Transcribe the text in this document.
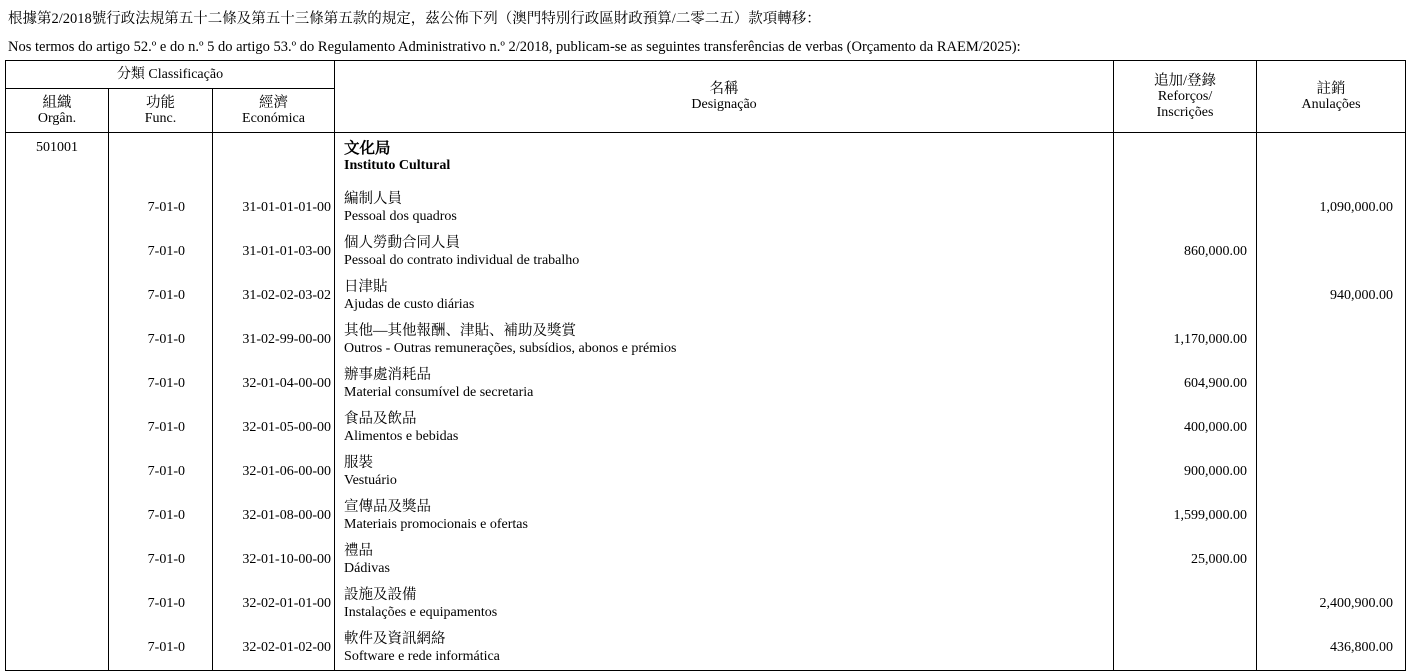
根據第2/2018號行政法規第五十二條及第五十三條第五款的規定，茲公佈下列（澳門特別行政區財政預算/二零二五）款項轉移：
Nos termos do artigo 52.º e do n.º 5 do artigo 53.º do Regulamento Administrativo n.º 2/2018, publicam-se as seguintes transferências de verbas (Orçamento da RAEM/2025):
分類 Classificação			名稱
Designação	追加/登錄
Reforços/
Inscrições	註銷
Anulações

組織
Orgân.	功能
Func.	經濟
Económica			

501001			文化局
Instituto Cultural		

	7-01-0	31-01-01-01-00	編制人員
Pessoal dos quadros		1,090,000.00
	7-01-0	31-01-01-03-00	個人勞動合同人員
Pessoal do contrato individual de trabalho	860,000.00	
	7-01-0	31-02-02-03-02	日津貼
Ajudas de custo diárias		940,000.00
	7-01-0	31-02-99-00-00	其他—其他報酬、津貼、補助及獎賞
Outros - Outras remunerações, subsídios, abonos e prémios	1,170,000.00	
	7-01-0	32-01-04-00-00	辦事處消耗品
Material consumível de secretaria	604,900.00	
	7-01-0	32-01-05-00-00	食品及飲品
Alimentos e bebidas	400,000.00	
	7-01-0	32-01-06-00-00	服裝
Vestuário	900,000.00	
	7-01-0	32-01-08-00-00	宣傳品及獎品
Materiais promocionais e ofertas	1,599,000.00	
	7-01-0	32-01-10-00-00	禮品
Dádivas	25,000.00	
	7-01-0	32-02-01-01-00	設施及設備
Instalações e equipamentos		2,400,900.00
	7-01-0	32-02-01-02-00	軟件及資訊網絡
Software e rede informática		436,800.00
